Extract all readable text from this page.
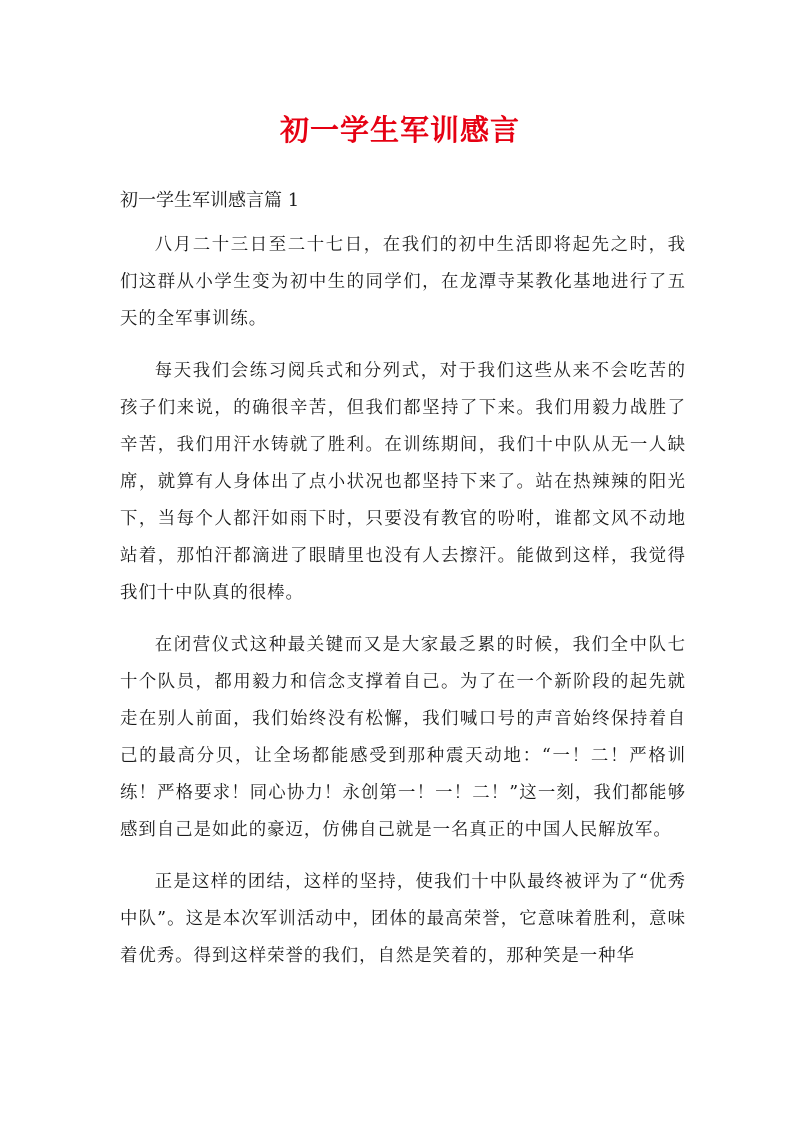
初一学生军训感言
初一学生军训感言篇 1

八月二十三日至二十七日，在我们的初中生活即将起先之时，我们这群从小学生变为初中生的同学们，在龙潭寺某教化基地进行了五天的全军事训练。

每天我们会练习阅兵式和分列式，对于我们这些从来不会吃苦的孩子们来说，的确很辛苦，但我们都坚持了下来。我们用毅力战胜了辛苦，我们用汗水铸就了胜利。在训练期间，我们十中队从无一人缺席，就算有人身体出了点小状况也都坚持下来了。站在热辣辣的阳光下，当每个人都汗如雨下时，只要没有教官的吩咐，谁都文风不动地站着，那怕汗都滴进了眼睛里也没有人去擦汗。能做到这样，我觉得我们十中队真的很棒。

在闭营仪式这种最关键而又是大家最乏累的时候，我们全中队七十个队员，都用毅力和信念支撑着自己。为了在一个新阶段的起先就走在别人前面，我们始终没有松懈，我们喊口号的声音始终保持着自己的最高分贝，让全场都能感受到那种震天动地：“一！二！严格训练！严格要求！同心协力！永创第一！一！二！”这一刻，我们都能够感到自己是如此的豪迈，仿佛自己就是一名真正的中国人民解放军。

正是这样的团结，这样的坚持，使我们十中队最终被评为了“优秀中队”。这是本次军训活动中，团体的最高荣誉，它意味着胜利，意味着优秀。得到这样荣誉的我们，自然是笑着的，那种笑是一种华
